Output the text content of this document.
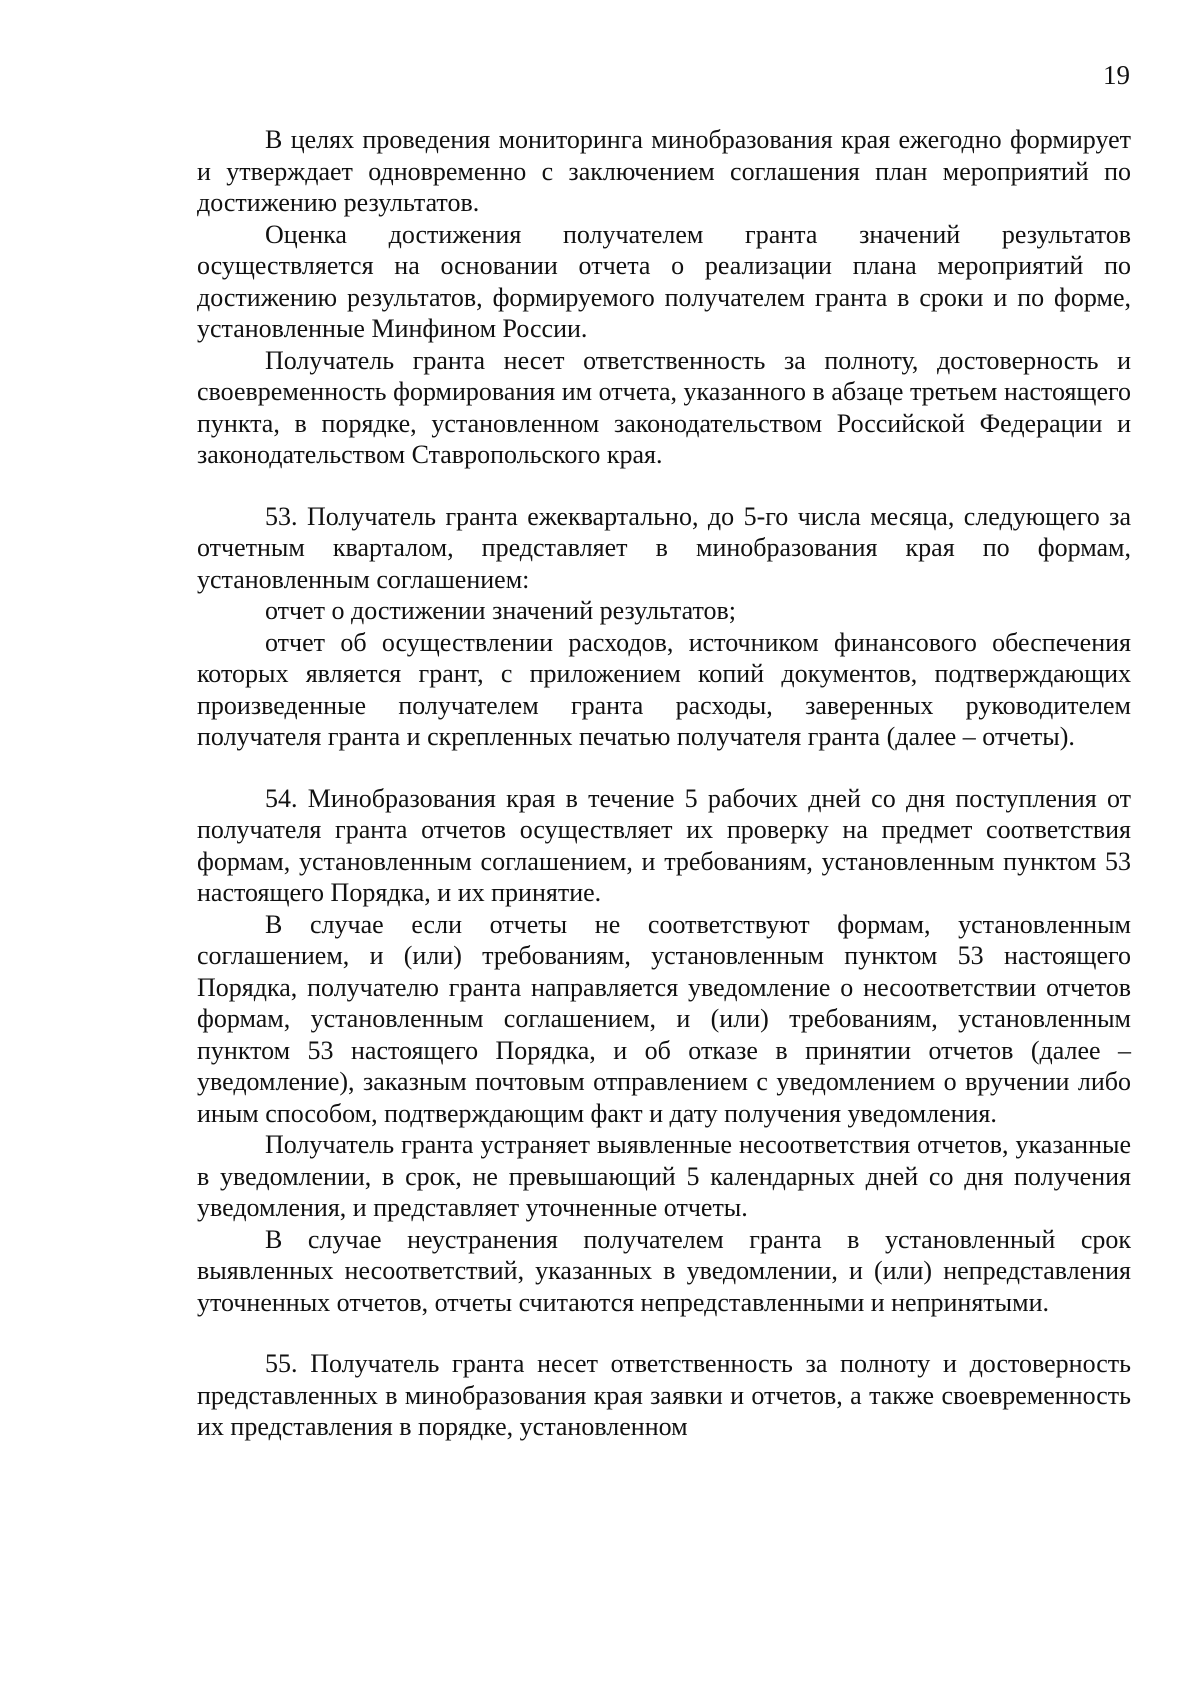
19

В целях проведения мониторинга минобразования края ежегодно формирует и утверждает одновременно с заключением соглашения план мероприятий по достижению результатов.

Оценка достижения получателем гранта значений результатов осуществляется на основании отчета о реализации плана мероприятий по достижению результатов, формируемого получателем гранта в сроки и по форме, установленные Минфином России.

Получатель гранта несет ответственность за полноту, достоверность и своевременность формирования им отчета, указанного в абзаце третьем настоящего пункта, в порядке, установленном законодательством Российской Федерации и законодательством Ставропольского края.

53. Получатель гранта ежеквартально, до 5-го числа месяца, следующего за отчетным кварталом, представляет в минобразования края по формам, установленным соглашением:

отчет о достижении значений результатов;

отчет об осуществлении расходов, источником финансового обеспечения которых является грант, с приложением копий документов, подтверждающих произведенные получателем гранта расходы, заверенных руководителем получателя гранта и скрепленных печатью получателя гранта (далее – отчеты).

54. Минобразования края в течение 5 рабочих дней со дня поступления от получателя гранта отчетов осуществляет их проверку на предмет соответствия формам, установленным соглашением, и требованиям, установленным пунктом 53 настоящего Порядка, и их принятие.

В случае если отчеты не соответствуют формам, установленным соглашением, и (или) требованиям, установленным пунктом 53 настоящего Порядка, получателю гранта направляется уведомление о несоответствии отчетов формам, установленным соглашением, и (или) требованиям, установленным пунктом 53 настоящего Порядка, и об отказе в принятии отчетов (далее – уведомление), заказным почтовым отправлением с уведомлением о вручении либо иным способом, подтверждающим факт и дату получения уведомления.

Получатель гранта устраняет выявленные несоответствия отчетов, указанные в уведомлении, в срок, не превышающий 5 календарных дней со дня получения уведомления, и представляет уточненные отчеты.

В случае неустранения получателем гранта в установленный срок выявленных несоответствий, указанных в уведомлении, и (или) непредставления уточненных отчетов, отчеты считаются непредставленными и непринятыми.

55. Получатель гранта несет ответственность за полноту и достоверность представленных в минобразования края заявки и отчетов, а также своевременность их представления в порядке, установленном
